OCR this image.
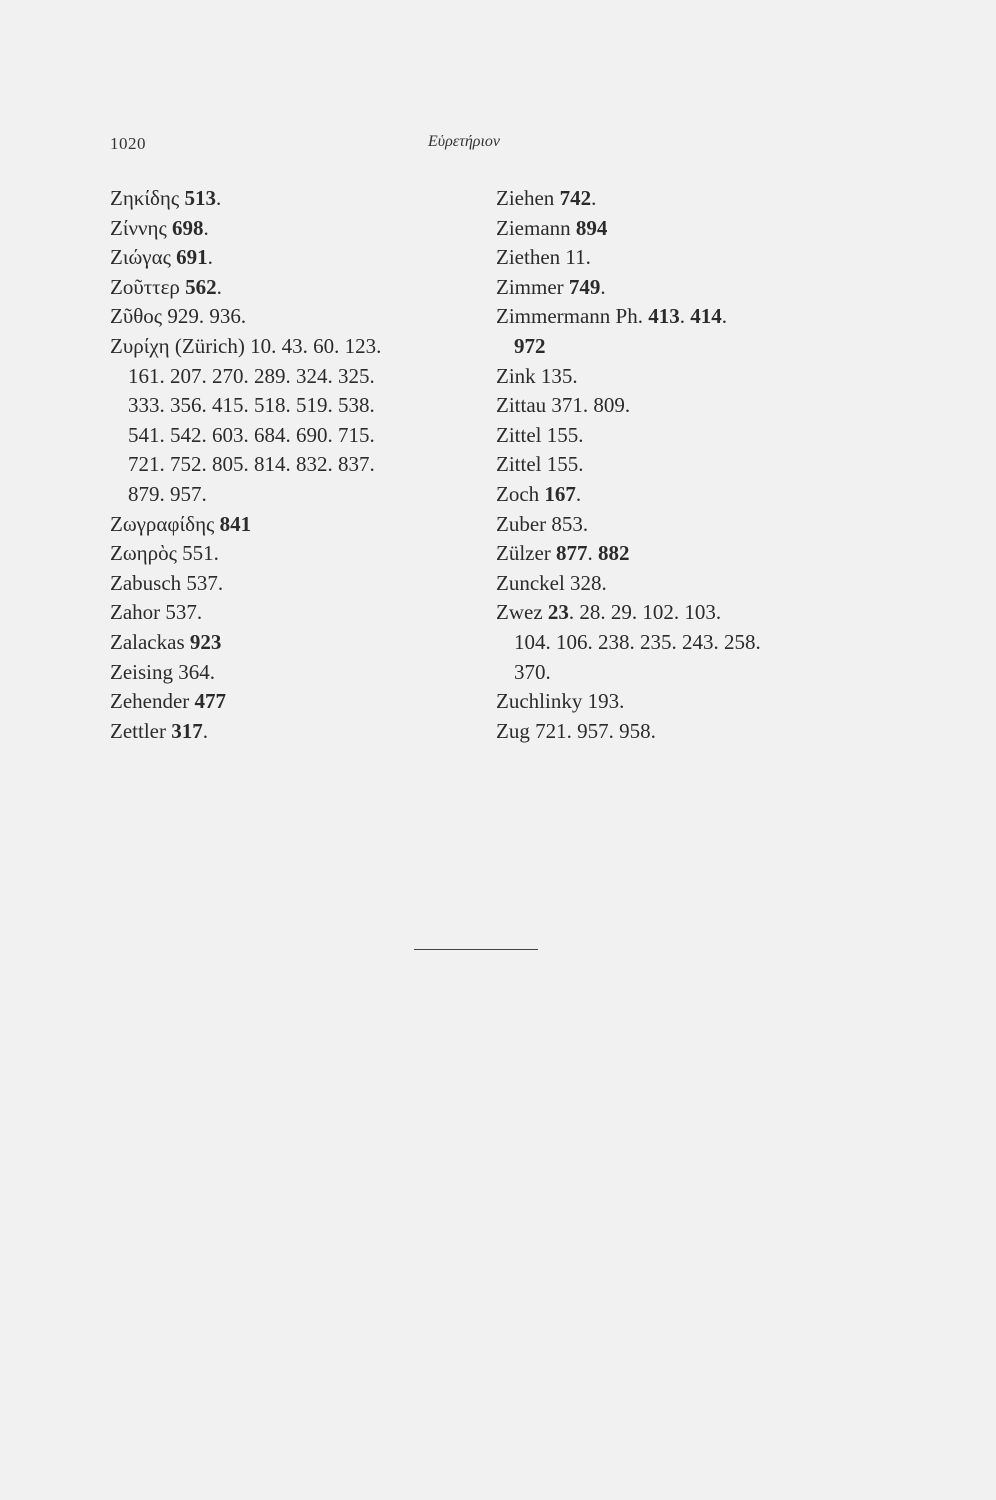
1020	Εὑρετήριον
Ζηκίδης 513.
Ζίννης 698.
Ζιώγας 691.
Ζοῦττερ 562.
Ζῦθος 929. 936.
Ζυρίχη (Zürich) 10. 43. 60. 123.
161. 207. 270. 289. 324. 325.
333. 356. 415. 518. 519. 538.
541. 542. 603. 684. 690. 715.
721. 752. 805. 814. 832. 837.
879. 957.
Ζωγραφίδης 841
Ζωηρὸς 551.
Zabusch 537.
Zahor 537.
Zalackas 923
Zeising 364.
Zehender 477
Zettler 317.
Ziehen 742.
Ziemann 894
Ziethen 11.
Zimmer 749.
Zimmermann Ph. 413. 414.
972
Zink 135.
Zittau 371. 809.
Zittel 155.
Zittel 155.
Zoch 167.
Zuber 853.
Zülzer 877. 882
Zunckel 328.
Zwez 23. 28. 29. 102. 103.
104. 106. 238. 235. 243. 258.
370.
Zuchlinky 193.
Zug 721. 957. 958.
